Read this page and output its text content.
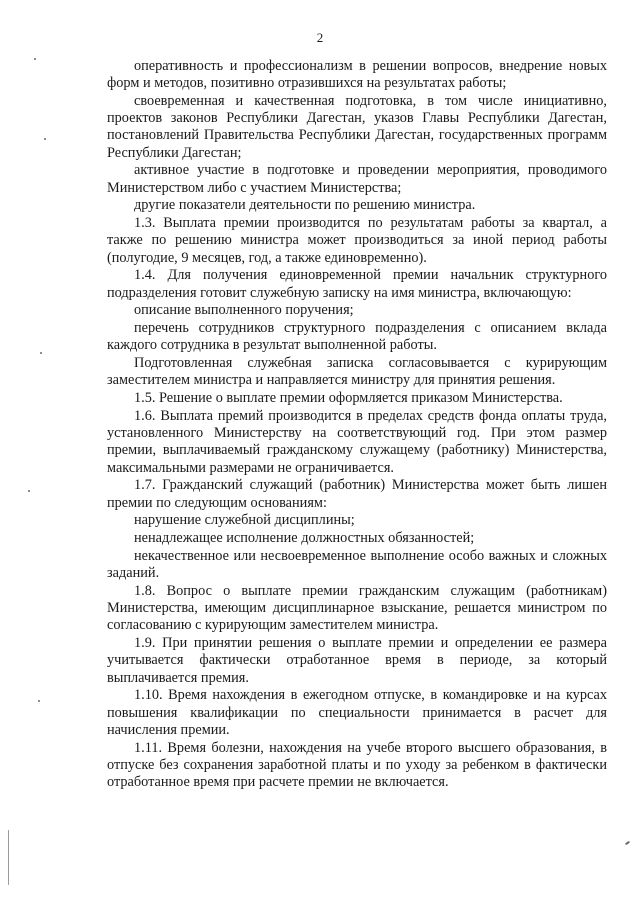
2

оперативность и профессионализм в решении вопросов, внедрение новых форм и методов, позитивно отразившихся на результатах работы;

своевременная и качественная подготовка, в том числе инициативно, проектов законов Республики Дагестан, указов Главы Республики Дагестан, постановлений Правительства Республики Дагестан, государственных программ Республики Дагестан;

активное участие в подготовке и проведении мероприятия, проводимого Министерством либо с участием Министерства;

другие показатели деятельности по решению министра.

1.3. Выплата премии производится по результатам работы за квартал, а также по решению министра может производиться за иной период работы (полугодие, 9 месяцев, год, а также единовременно).

1.4. Для получения единовременной премии начальник структурного подразделения готовит служебную записку на имя министра, включающую:

описание выполненного поручения;

перечень сотрудников структурного подразделения с описанием вклада каждого сотрудника в результат выполненной работы.

Подготовленная служебная записка согласовывается с курирующим заместителем министра и направляется министру для принятия решения.

1.5. Решение о выплате премии оформляется приказом Министерства.

1.6. Выплата премий производится в пределах средств фонда оплаты труда, установленного Министерству на соответствующий год. При этом размер премии, выплачиваемый гражданскому служащему (работнику) Министерства, максимальными размерами не ограничивается.

1.7. Гражданский служащий (работник) Министерства может быть лишен премии по следующим основаниям:

нарушение служебной дисциплины;

ненадлежащее исполнение должностных обязанностей;

некачественное или несвоевременное выполнение особо важных и сложных заданий.

1.8. Вопрос о выплате премии гражданским служащим (работникам) Министерства, имеющим дисциплинарное взыскание, решается министром по согласованию с курирующим заместителем министра.

1.9. При принятии решения о выплате премии и определении ее размера учитывается фактически отработанное время в периоде, за который выплачивается премия.

1.10. Время нахождения в ежегодном отпуске, в командировке и на курсах повышения квалификации по специальности принимается в расчет для начисления премии.

1.11. Время болезни, нахождения на учебе второго высшего образования, в отпуске без сохранения заработной платы и по уходу за ребенком в фактически отработанное время при расчете премии не включается.
